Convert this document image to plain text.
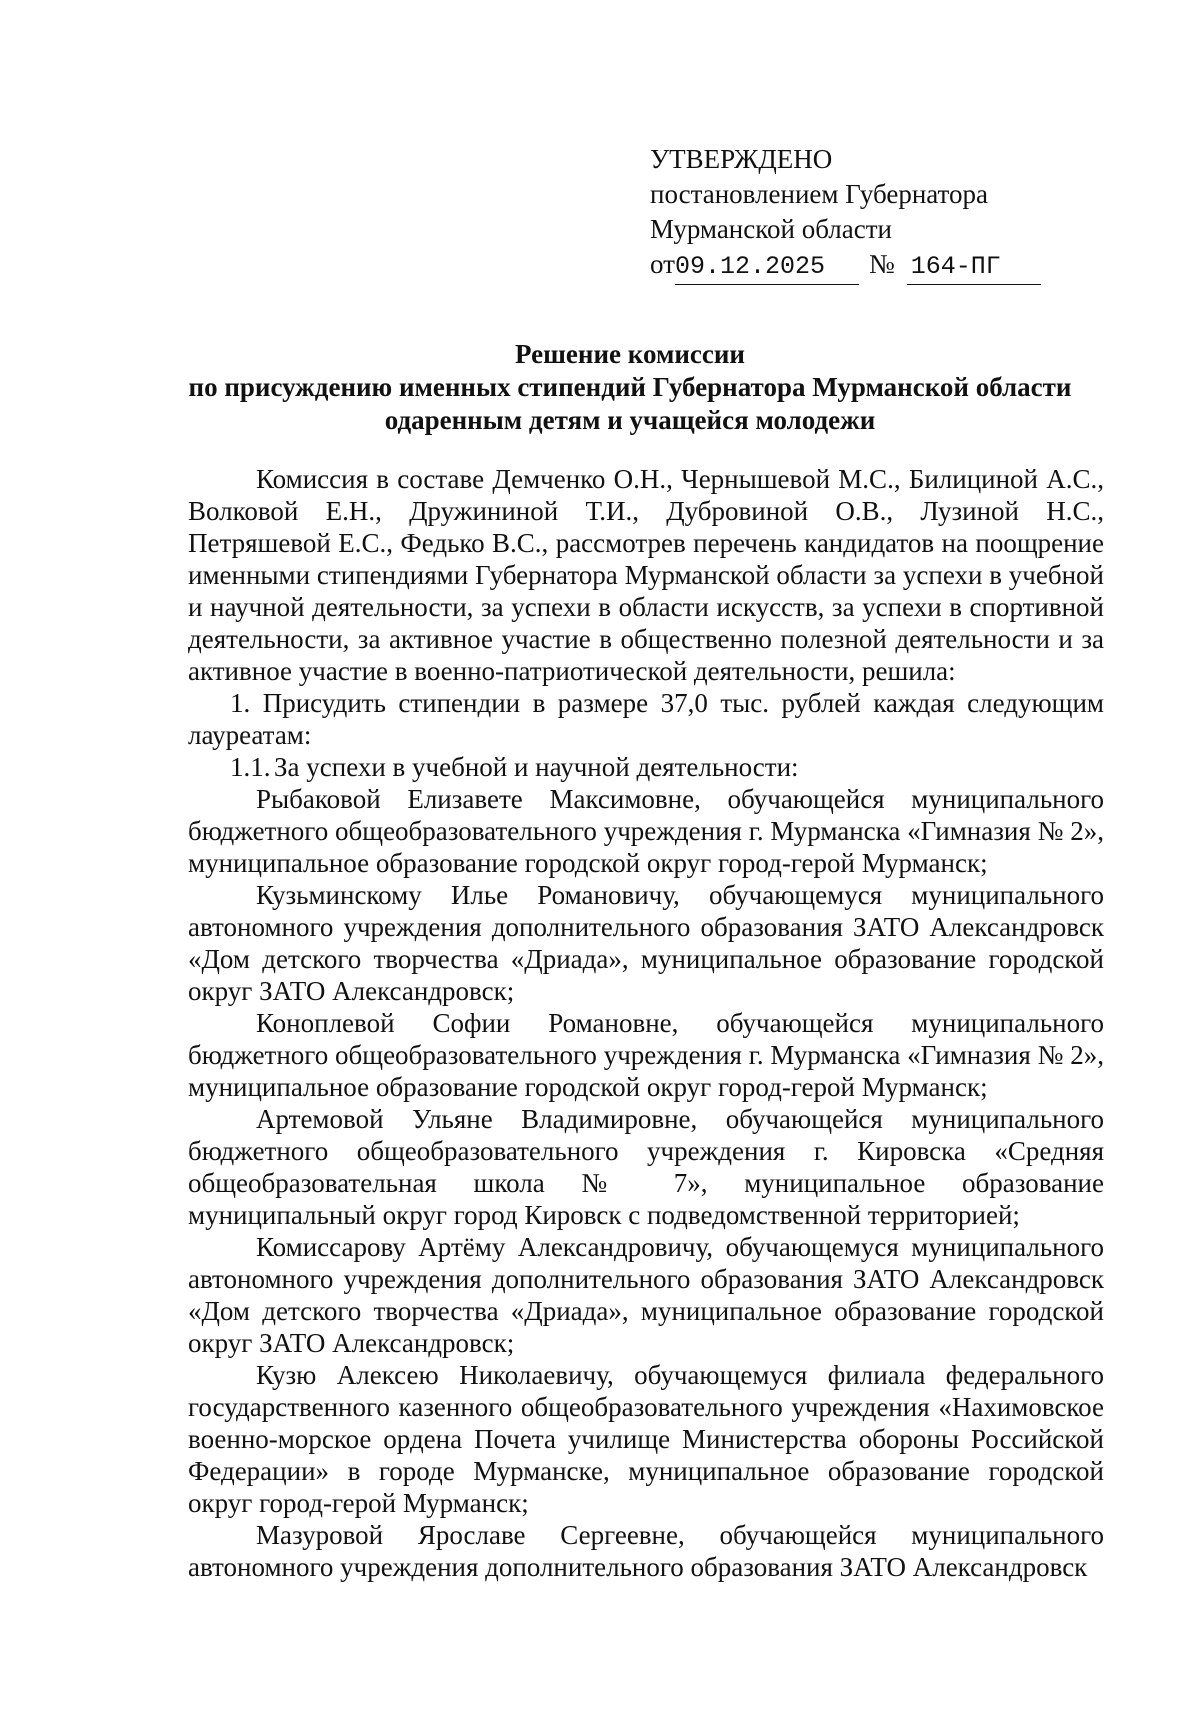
УТВЕРЖДЕНО
постановлением Губернатора
Мурманской области
от 09.12.2025	№ 164-ПГ
Решение комиссии
по присуждению именных стипендий Губернатора Мурманской области
одаренным детям и учащейся молодежи

Комиссия в составе Демченко О.Н., Чернышевой М.С., Билициной А.С., Волковой Е.Н., Дружининой Т.И., Дубровиной О.В., Лузиной Н.С., Петряшевой Е.С., Федько В.С., рассмотрев перечень кандидатов на поощрение именными стипендиями Губернатора Мурманской области за успехи в учебной и научной деятельности, за успехи в области искусств, за успехи в спортивной деятельности, за активное участие в общественно полезной деятельности и за активное участие в военно-патриотической деятельности, решила:

1. Присудить стипендии в размере 37,0 тыс. рублей каждая следующим лауреатам:

1.1. За успехи в учебной и научной деятельности:

Рыбаковой Елизавете Максимовне, обучающейся муниципального бюджетного общеобразовательного учреждения г. Мурманска «Гимназия № 2», муниципальное образование городской округ город-герой Мурманск;

Кузьминскому Илье Романовичу, обучающемуся муниципального автономного учреждения дополнительного образования ЗАТО Александровск «Дом детского творчества «Дриада», муниципальное образование городской округ ЗАТО Александровск;

Коноплевой Софии Романовне, обучающейся муниципального бюджетного общеобразовательного учреждения г. Мурманска «Гимназия № 2», муниципальное образование городской округ город-герой Мурманск;

Артемовой Ульяне Владимировне, обучающейся муниципального бюджетного общеобразовательного учреждения г. Кировска «Средняя общеобразовательная школа № 7», муниципальное образование муниципальный округ город Кировск с подведомственной территорией;

Комиссарову Артёму Александровичу, обучающемуся муниципального автономного учреждения дополнительного образования ЗАТО Александровск «Дом детского творчества «Дриада», муниципальное образование городской округ ЗАТО Александровск;

Кузю Алексею Николаевичу, обучающемуся филиала федерального государственного казенного общеобразовательного учреждения «Нахимовское военно-морское ордена Почета училище Министерства обороны Российской Федерации» в городе Мурманске, муниципальное образование городской округ город-герой Мурманск;

Мазуровой Ярославе Сергеевне, обучающейся муниципального автономного учреждения дополнительного образования ЗАТО Александровск
